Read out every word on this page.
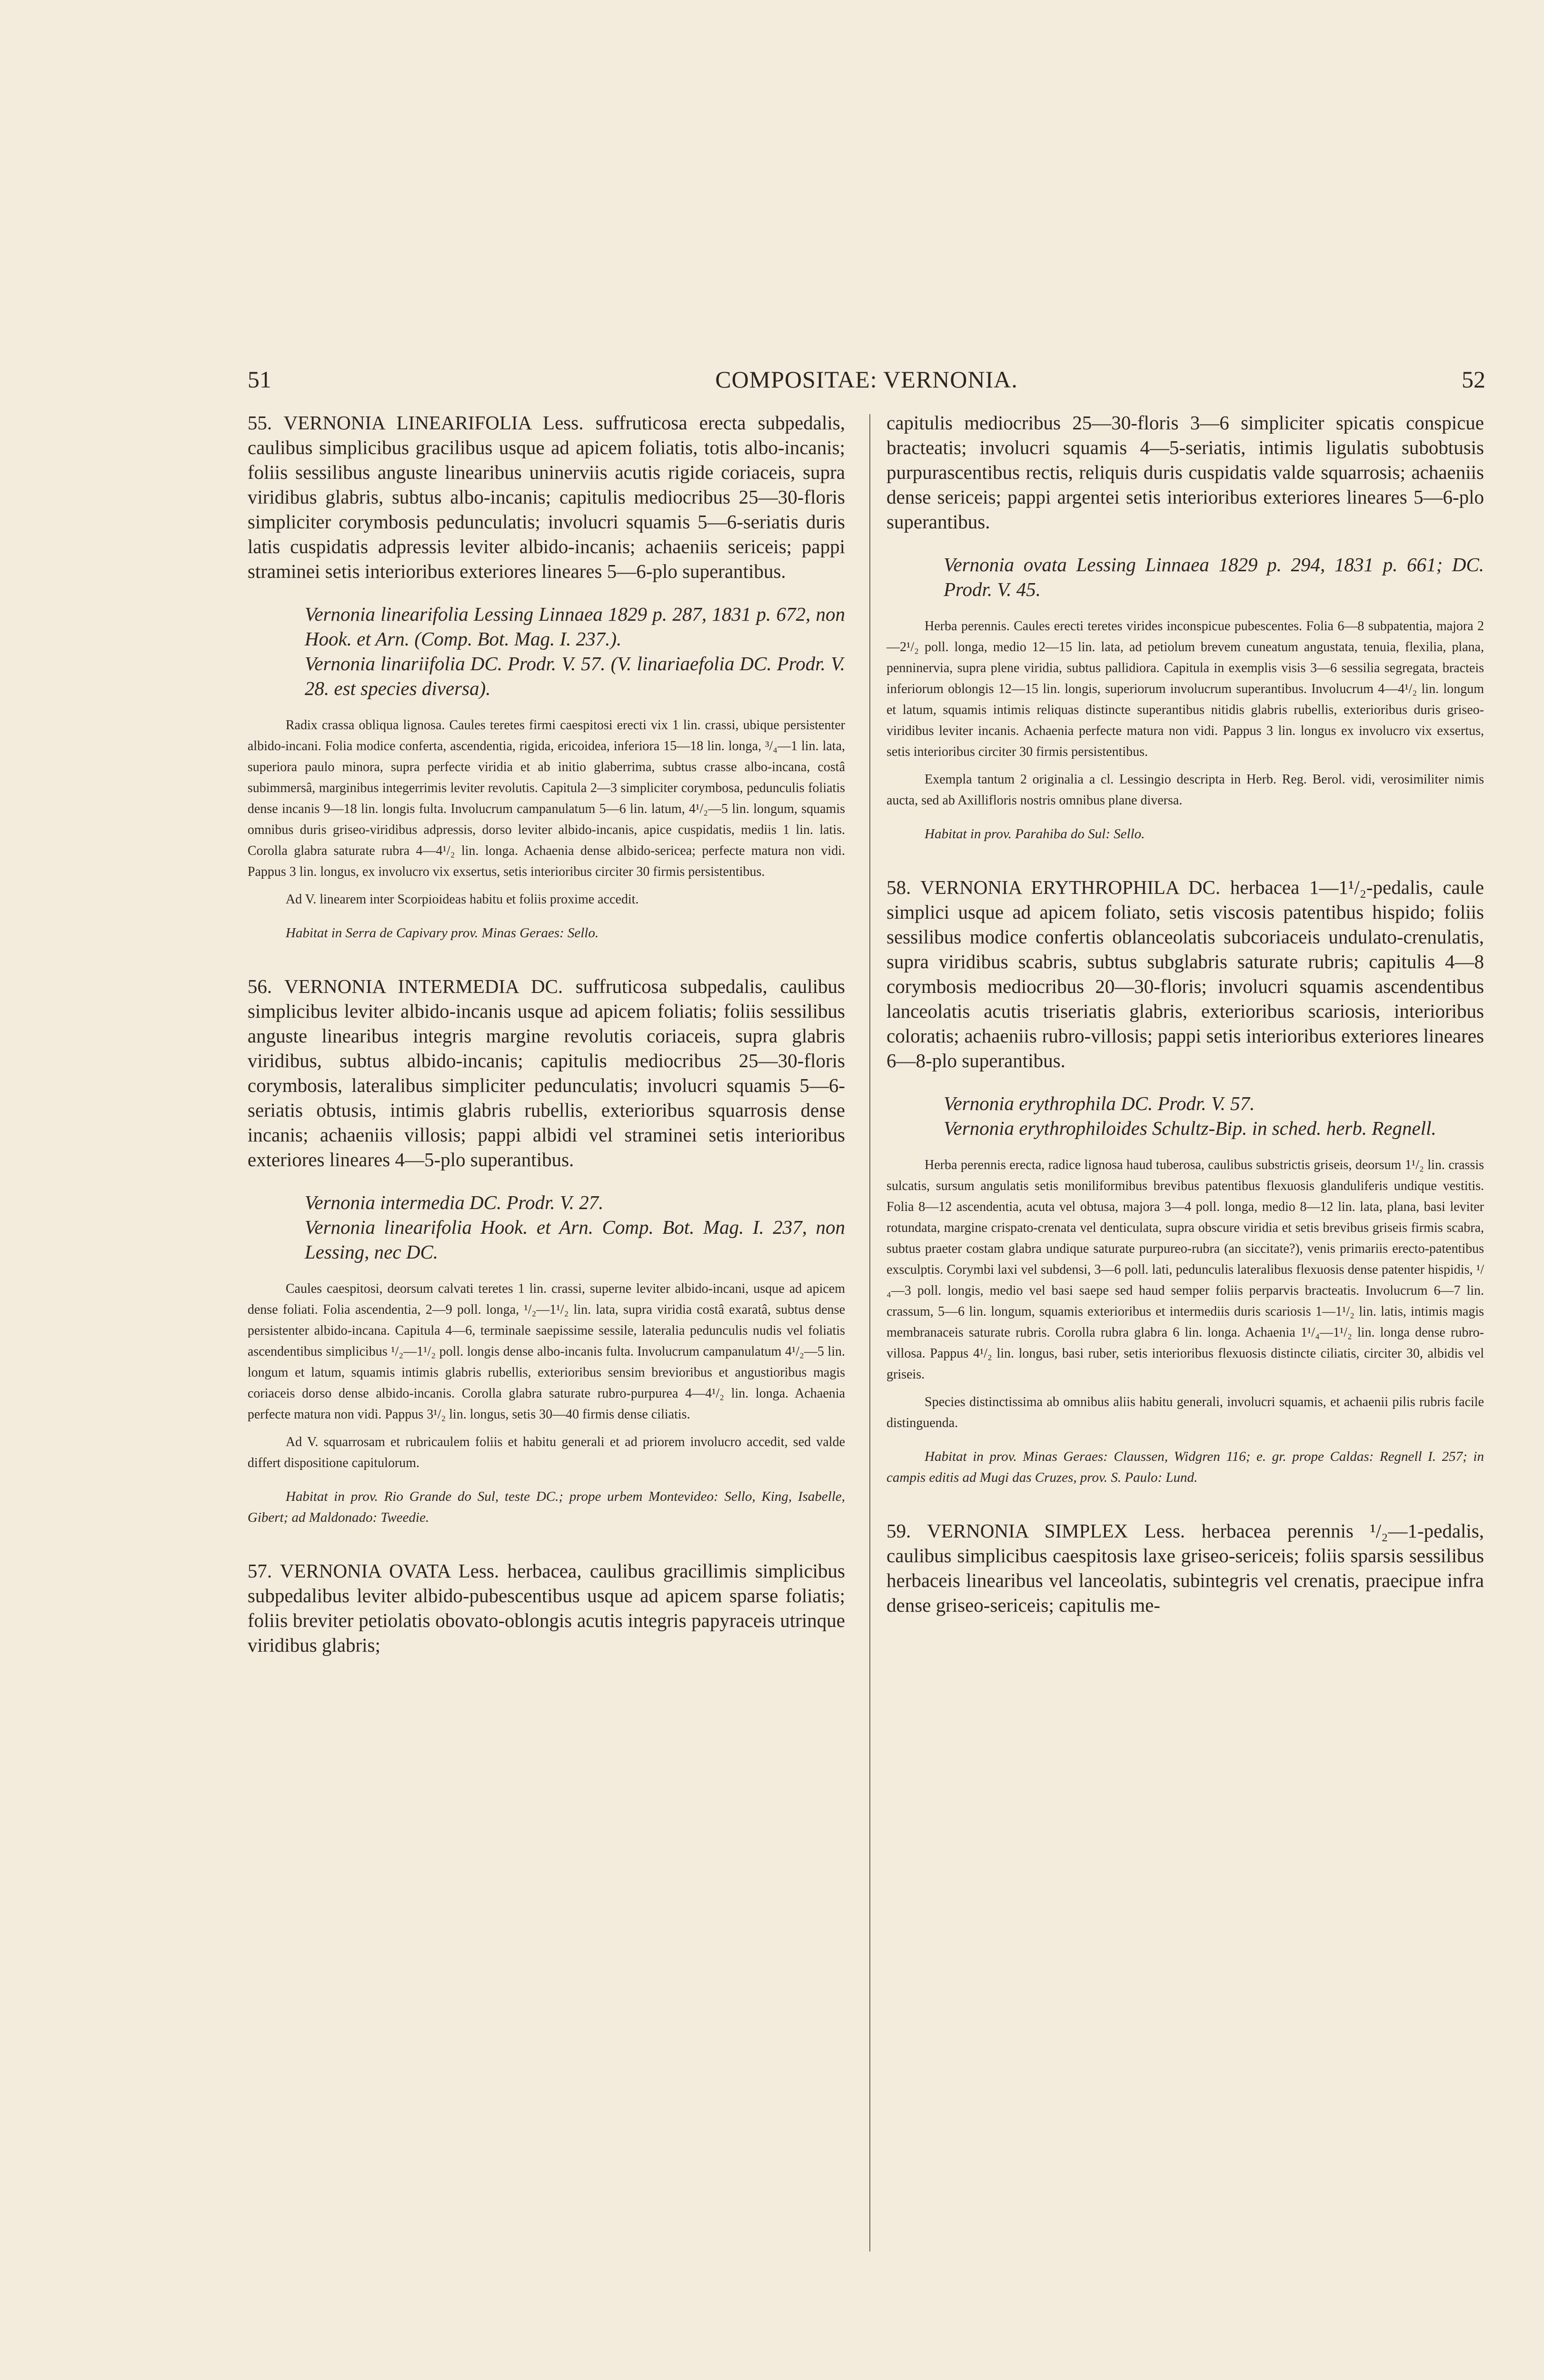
51	COMPOSITAE: VERNONIA.	52

55. VERNONIA LINEARIFOLIA Less. suffruticosa erecta subpedalis, caulibus simplicibus gracilibus usque ad apicem foliatis, totis albo-incanis; foliis sessilibus anguste linearibus uninerviis acutis rigide coriaceis, supra viridibus glabris, subtus albo-incanis; capitulis mediocribus 25—30-floris simpliciter corymbosis pedunculatis; involucri squamis 5—6-seriatis duris latis cuspidatis adpressis leviter albido-incanis; achaeniis sericeis; pappi straminei setis interioribus exteriores lineares 5—6-plo superantibus.

Vernonia linearifolia Lessing Linnaea 1829 p. 287, 1831 p. 672, non Hook. et Arn. (Comp. Bot. Mag. I. 237.).

Vernonia linariifolia DC. Prodr. V. 57. (V. linariaefolia DC. Prodr. V. 28. est species diversa).

Radix crassa obliqua lignosa. Caules teretes firmi caespitosi erecti vix 1 lin. crassi, ubique persistenter albido-incani. Folia modice conferta, ascendentia, rigida, ericoidea, inferiora 15—18 lin. longa, ³/₄—1 lin. lata, superiora paulo minora, supra perfecte viridia et ab initio glaberrima, subtus crasse albo-incana, costâ subimmersâ, marginibus integerrimis leviter revolutis. Capitula 2—3 simpliciter corymbosa, pedunculis foliatis dense incanis 9—18 lin. longis fulta. Involucrum campanulatum 5—6 lin. latum, 4¹/₂—5 lin. longum, squamis omnibus duris griseo-viridibus adpressis, dorso leviter albido-incanis, apice cuspidatis, mediis 1 lin. latis. Corolla glabra saturate rubra 4—4¹/₂ lin. longa. Achaenia dense albido-sericea; perfecte matura non vidi. Pappus 3 lin. longus, ex involucro vix exsertus, setis interioribus circiter 30 firmis persistentibus.

Ad V. linearem inter Scorpioideas habitu et foliis proxime accedit.

Habitat in Serra de Capivary prov. Minas Geraes: Sello.

56. VERNONIA INTERMEDIA DC. suffruticosa subpedalis, caulibus simplicibus leviter albido-incanis usque ad apicem foliatis; foliis sessilibus anguste linearibus integris margine revolutis coriaceis, supra glabris viridibus, subtus albido-incanis; capitulis mediocribus 25—30-floris corymbosis, lateralibus simpliciter pedunculatis; involucri squamis 5—6-seriatis obtusis, intimis glabris rubellis, exterioribus squarrosis dense incanis; achaeniis villosis; pappi albidi vel straminei setis interioribus exteriores lineares 4—5-plo superantibus.

Vernonia intermedia DC. Prodr. V. 27.

Vernonia linearifolia Hook. et Arn. Comp. Bot. Mag. I. 237, non Lessing, nec DC.

Caules caespitosi, deorsum calvati teretes 1 lin. crassi, superne leviter albido-incani, usque ad apicem dense foliati. Folia ascendentia, 2—9 poll. longa, ¹/₂—1¹/₂ lin. lata, supra viridia costâ exaratâ, subtus dense persistenter albido-incana. Capitula 4—6, terminale saepissime sessile, lateralia pedunculis nudis vel foliatis ascendentibus simplicibus ¹/₂—1¹/₂ poll. longis dense albo-incanis fulta. Involucrum campanulatum 4¹/₂—5 lin. longum et latum, squamis intimis glabris rubellis, exterioribus sensim brevioribus et angustioribus magis coriaceis dorso dense albido-incanis. Corolla glabra saturate rubro-purpurea 4—4¹/₂ lin. longa. Achaenia perfecte matura non vidi. Pappus 3¹/₂ lin. longus, setis 30—40 firmis dense ciliatis.

Ad V. squarrosam et rubricaulem foliis et habitu generali et ad priorem involucro accedit, sed valde differt dispositione capitulorum.

Habitat in prov. Rio Grande do Sul, teste DC.; prope urbem Montevideo: Sello, King, Isabelle, Gibert; ad Maldonado: Tweedie.

57. VERNONIA OVATA Less. herbacea, caulibus gracillimis simplicibus subpedalibus leviter albido-pubescentibus usque ad apicem sparse foliatis; foliis breviter petiolatis obovato-oblongis acutis integris papyraceis utrinque viridibus glabris;

capitulis mediocribus 25—30-floris 3—6 simpliciter spicatis conspicue bracteatis; involucri squamis 4—5-seriatis, intimis ligulatis subobtusis purpurascentibus rectis, reliquis duris cuspidatis valde squarrosis; achaeniis dense sericeis; pappi argentei setis interioribus exteriores lineares 5—6-plo superantibus.

Vernonia ovata Lessing Linnaea 1829 p. 294, 1831 p. 661; DC. Prodr. V. 45.

Herba perennis. Caules erecti teretes virides inconspicue pubescentes. Folia 6—8 subpatentia, majora 2—2¹/₂ poll. longa, medio 12—15 lin. lata, ad petiolum brevem cuneatum angustata, tenuia, flexilia, plana, penninervia, supra plene viridia, subtus pallidiora. Capitula in exemplis visis 3—6 sessilia segregata, bracteis inferiorum oblongis 12—15 lin. longis, superiorum involucrum superantibus. Involucrum 4—4¹/₂ lin. longum et latum, squamis intimis reliquas distincte superantibus nitidis glabris rubellis, exterioribus duris griseo-viridibus leviter incanis. Achaenia perfecte matura non vidi. Pappus 3 lin. longus ex involucro vix exsertus, setis interioribus circiter 30 firmis persistentibus.

Exempla tantum 2 originalia a cl. Lessingio descripta in Herb. Reg. Berol. vidi, verosimiliter nimis aucta, sed ab Axilliflоris nostris omnibus plane diversa.

Habitat in prov. Parahiba do Sul: Sello.

58. VERNONIA ERYTHROPHILA DC. herbacea 1—1¹/₂-pedalis, caule simplici usque ad apicem foliato, setis viscosis patentibus hispido; foliis sessilibus modice confertis oblanceolatis subcoriaceis undulato-crenulatis, supra viridibus scabris, subtus subglabris saturate rubris; capitulis 4—8 corymbosis mediocribus 20—30-floris; involucri squamis ascendentibus lanceolatis acutis triseriatis glabris, exterioribus scariosis, interioribus coloratis; achaeniis rubro-villosis; pappi setis interioribus exteriores lineares 6—8-plo superantibus.

Vernonia erythrophila DC. Prodr. V. 57.

Vernonia erythrophiloides Schultz-Bip. in sched. herb. Regnell.

Herba perennis erecta, radice lignosa haud tuberosa, caulibus substrictis griseis, deorsum 1¹/₂ lin. crassis sulcatis, sursum angulatis setis moniliformibus brevibus patentibus flexuosis glanduliferis undique vestitis. Folia 8—12 ascendentia, acuta vel obtusa, majora 3—4 poll. longa, medio 8—12 lin. lata, plana, basi leviter rotundata, margine crispato-crenata vel denticulata, supra obscure viridia et setis brevibus griseis firmis scabra, subtus praeter costam glabra undique saturate purpureo-rubra (an siccitate?), venis primariis erecto-patentibus exsculptis. Corymbi laxi vel subdensi, 3—6 poll. lati, pedunculis lateralibus flexuosis dense patenter hispidis, ¹/₄—3 poll. longis, medio vel basi saepe sed haud semper foliis perparvis bracteatis. Involucrum 6—7 lin. crassum, 5—6 lin. longum, squamis exterioribus et intermediis duris scariosis 1—1¹/₂ lin. latis, intimis magis membranaceis saturate rubris. Corolla rubra glabra 6 lin. longa. Achaenia 1¹/₄—1¹/₂ lin. longa dense rubro-villosa. Pappus 4¹/₂ lin. longus, basi ruber, setis interioribus flexuosis distincte ciliatis, circiter 30, albidis vel griseis.

Species distinctissima ab omnibus aliis habitu generali, involucri squamis, et achaenii pilis rubris facile distinguenda.

Habitat in prov. Minas Geraes: Claussen, Widgren 116; e. gr. prope Caldas: Regnell I. 257; in campis editis ad Mugi das Cruzes, prov. S. Paulo: Lund.

59. VERNONIA SIMPLEX Less. herbacea perennis ¹/₂—1-pedalis, caulibus simplicibus caespitosis laxe griseo-sericeis; foliis sparsis sessilibus herbaceis linearibus vel lanceolatis, subintegris vel crenatis, praecipue infra dense griseo-sericeis; capitulis me-
